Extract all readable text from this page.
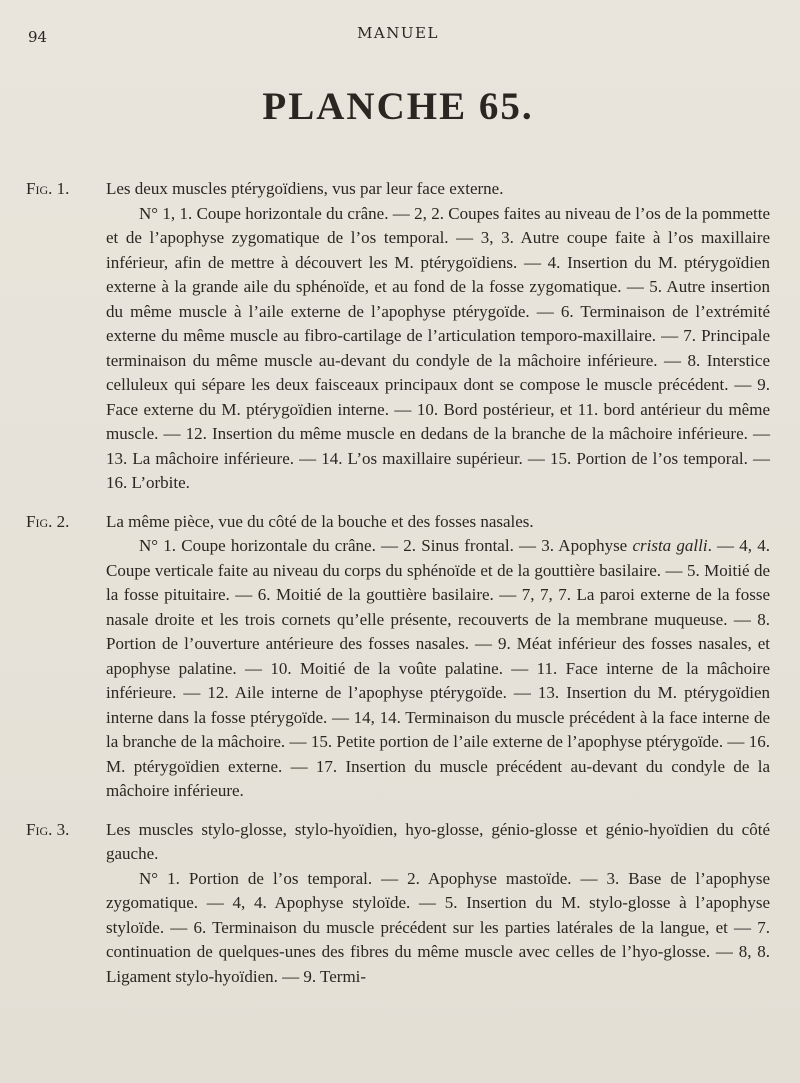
94	MANUEL
PLANCHE 65.
Fig. 1. Les deux muscles ptérygoïdiens, vus par leur face externe.
N° 1, 1. Coupe horizontale du crâne. — 2, 2. Coupes faites au niveau de l’os de la pommette et de l’apophyse zygomatique de l’os temporal. — 3, 3. Autre coupe faite à l’os maxillaire inférieur, afin de mettre à découvert les M. ptérygoïdiens. — 4. Insertion du M. ptérygoïdien externe à la grande aile du sphénoïde, et au fond de la fosse zygomatique. — 5. Autre insertion du même muscle à l’aile externe de l’apophyse ptérygoïde. — 6. Terminaison de l’extrémité externe du même muscle au fibro-cartilage de l’articulation temporo-maxillaire. — 7. Principale terminaison du même muscle au-devant du condyle de la mâchoire inférieure. — 8. Interstice celluleux qui sépare les deux faisceaux principaux dont se compose le muscle précédent. — 9. Face externe du M. ptérygoïdien interne. — 10. Bord postérieur, et 11. bord antérieur du même muscle. — 12. Insertion du même muscle en dedans de la branche de la mâchoire inférieure. — 13. La mâchoire inférieure. — 14. L’os maxillaire supérieur. — 15. Portion de l’os temporal. — 16. L’orbite.
Fig. 2. La même pièce, vue du côté de la bouche et des fosses nasales.
N° 1. Coupe horizontale du crâne. — 2. Sinus frontal. — 3. Apophyse crista galli. — 4, 4. Coupe verticale faite au niveau du corps du sphénoïde et de la gouttière basilaire. — 5. Moitié de la fosse pituitaire. — 6. Moitié de la gouttière basilaire. — 7, 7, 7. La paroi externe de la fosse nasale droite et les trois cornets qu’elle présente, recouverts de la membrane muqueuse. — 8. Portion de l’ouverture antérieure des fosses nasales. — 9. Méat inférieur des fosses nasales, et apophyse palatine. — 10. Moitié de la voûte palatine. — 11. Face interne de la mâchoire inférieure. — 12. Aile interne de l’apophyse ptérygoïde. — 13. Insertion du M. ptérygoïdien interne dans la fosse ptérygoïde. — 14, 14. Terminaison du muscle précédent à la face interne de la branche de la mâchoire. — 15. Petite portion de l’aile externe de l’apophyse ptérygoïde. — 16. M. ptérygoïdien externe. — 17. Insertion du muscle précédent au-devant du condyle de la mâchoire inférieure.
Fig. 3. Les muscles stylo-glosse, stylo-hyoïdien, hyo-glosse, génio-glosse et génio-hyoïdien du côté gauche.
N° 1. Portion de l’os temporal. — 2. Apophyse mastoïde. — 3. Base de l’apophyse zygomatique. — 4, 4. Apophyse styloïde. — 5. Insertion du M. stylo-glosse à l’apophyse styloïde. — 6. Terminaison du muscle précédent sur les parties latérales de la langue, et — 7. continuation de quelques-unes des fibres du même muscle avec celles de l’hyo-glosse. — 8, 8. Ligament stylo-hyoïdien. — 9. Termi-
